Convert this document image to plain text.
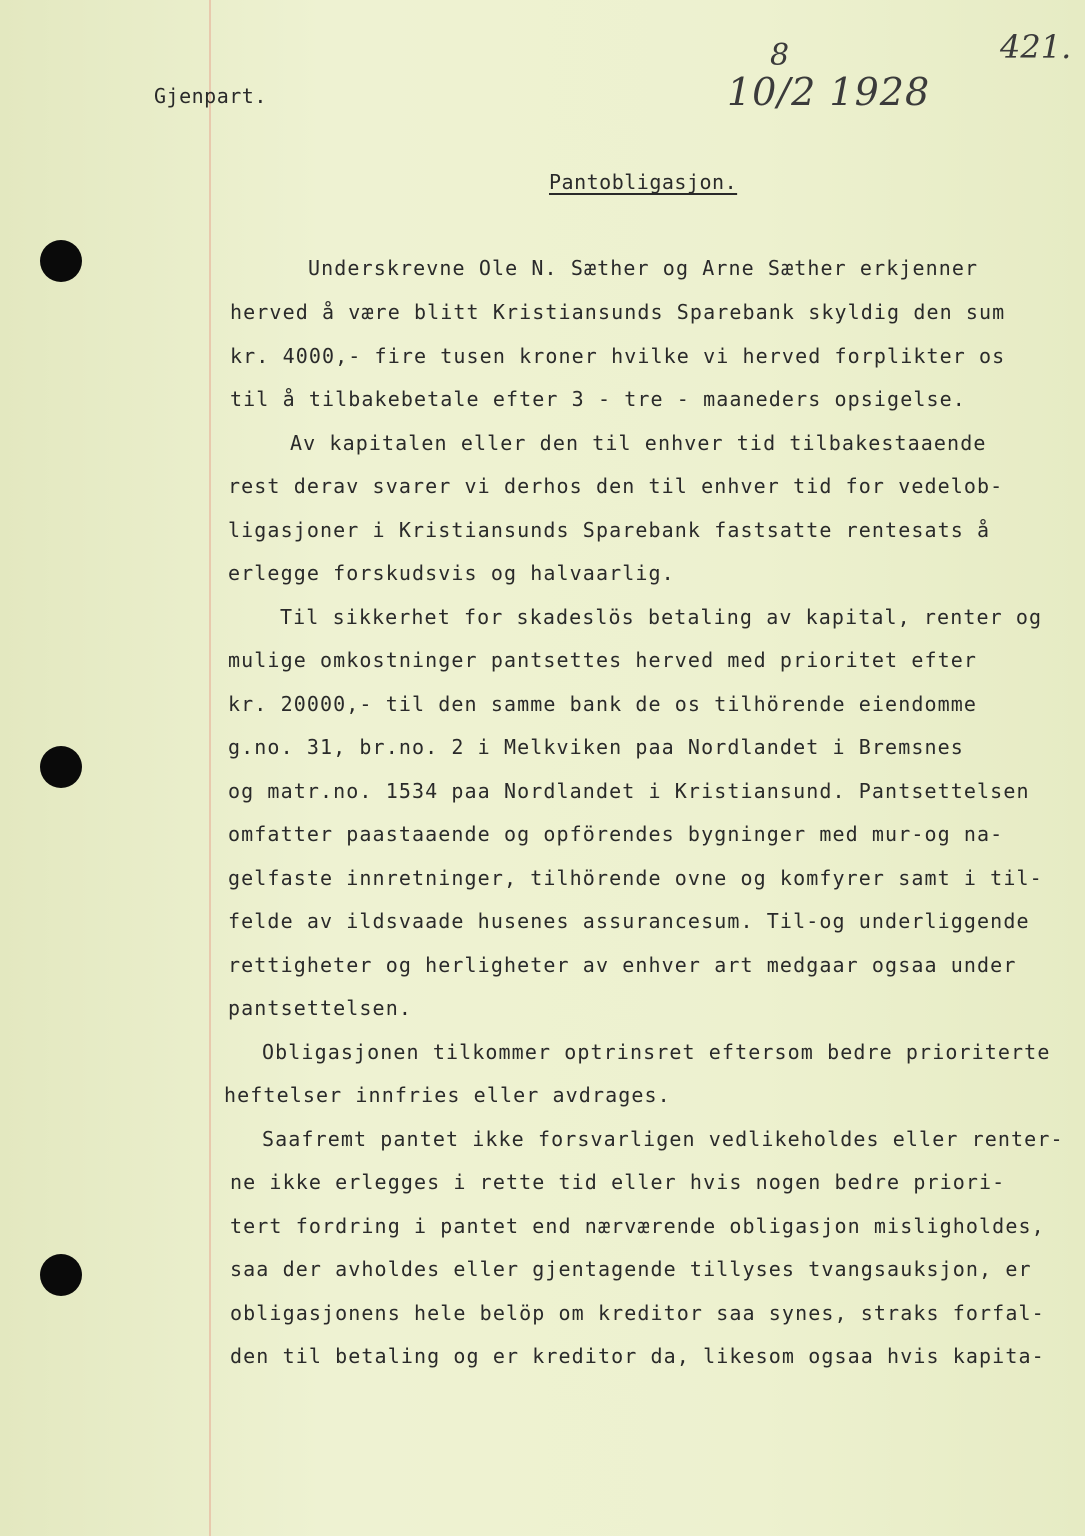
Gjenpart.
8
10/2 1928
421.
Pantobligasjon.
Underskrevne Ole N. Sæther og Arne Sæther erkjenner
herved å være blitt Kristiansunds Sparebank skyldig den sum
kr. 4000,- fire tusen kroner hvilke vi herved forplikter os
til å tilbakebetale efter 3 - tre - maaneders opsigelse.
Av kapitalen eller den til enhver tid tilbakestaaende
rest derav svarer vi derhos den til enhver tid for vedelob-
ligasjoner i Kristiansunds Sparebank fastsatte rentesats å
erlegge forskudsvis og halvaarlig.
Til sikkerhet for skadeslös betaling av kapital, renter og
mulige omkostninger pantsettes herved med prioritet efter
kr. 20000,- til den samme bank de os tilhörende eiendomme
g.no. 31, br.no. 2 i Melkviken paa Nordlandet i Bremsnes
og matr.no. 1534 paa Nordlandet i Kristiansund. Pantsettelsen
omfatter paastaaende og opförendes bygninger med mur-og na-
gelfaste innretninger, tilhörende ovne og komfyrer samt i til-
felde av ildsvaade husenes assurancesum. Til-og underliggende
rettigheter og herligheter av enhver art medgaar ogsaa under
pantsettelsen.
Obligasjonen tilkommer optrinsret eftersom bedre prioriterte
heftelser innfries eller avdrages.
Saafremt pantet ikke forsvarligen vedlikeholdes eller renter-
ne ikke erlegges i rette tid eller hvis nogen bedre priori-
tert fordring i pantet end nærværende obligasjon misligholdes,
saa der avholdes eller gjentagende tillyses tvangsauksjon, er
obligasjonens hele belöp om kreditor saa synes, straks forfal-
den til betaling og er kreditor da, likesom ogsaa hvis kapita-
